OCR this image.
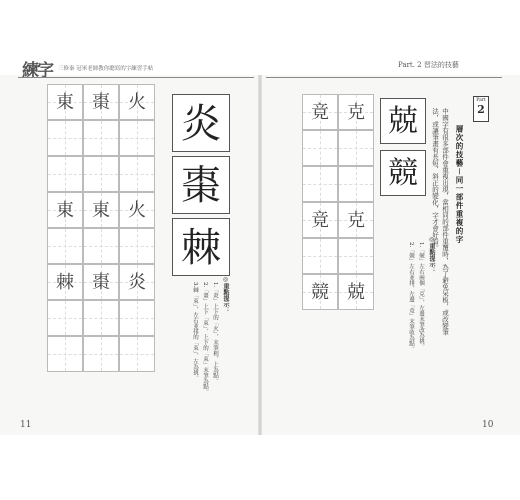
練字 三修秦 冠軍老師教你聰寫的字練習手帖	Part. 2 習法的技藝
東	棗	火
東	東	火
棘	棗	炎
炎
棗
棘
◎重點提示：
1.「炎」上下的「火」，末筆相，上為點。
2.「棗」上下「朿」，上下的「朿」末筆為點。
3.棘「朿」，左右並排的「朿」，左為挑。
11
竟	克
竟	克
競	兢
兢
競
◎重點提示：
1.「兢」左右兩個「克」，左邊末筆改為挑。
2.「競」左右並排，左邊「竟」末筆收為點。	中國字有很多部件會重複出現，當相同的部件重覆時，為了避免呆板，或改變筆法，或讓筆畫有長短、斜正的變化，字才會好看。
Part
2
層次的技藝－同一部件重複的字
10
